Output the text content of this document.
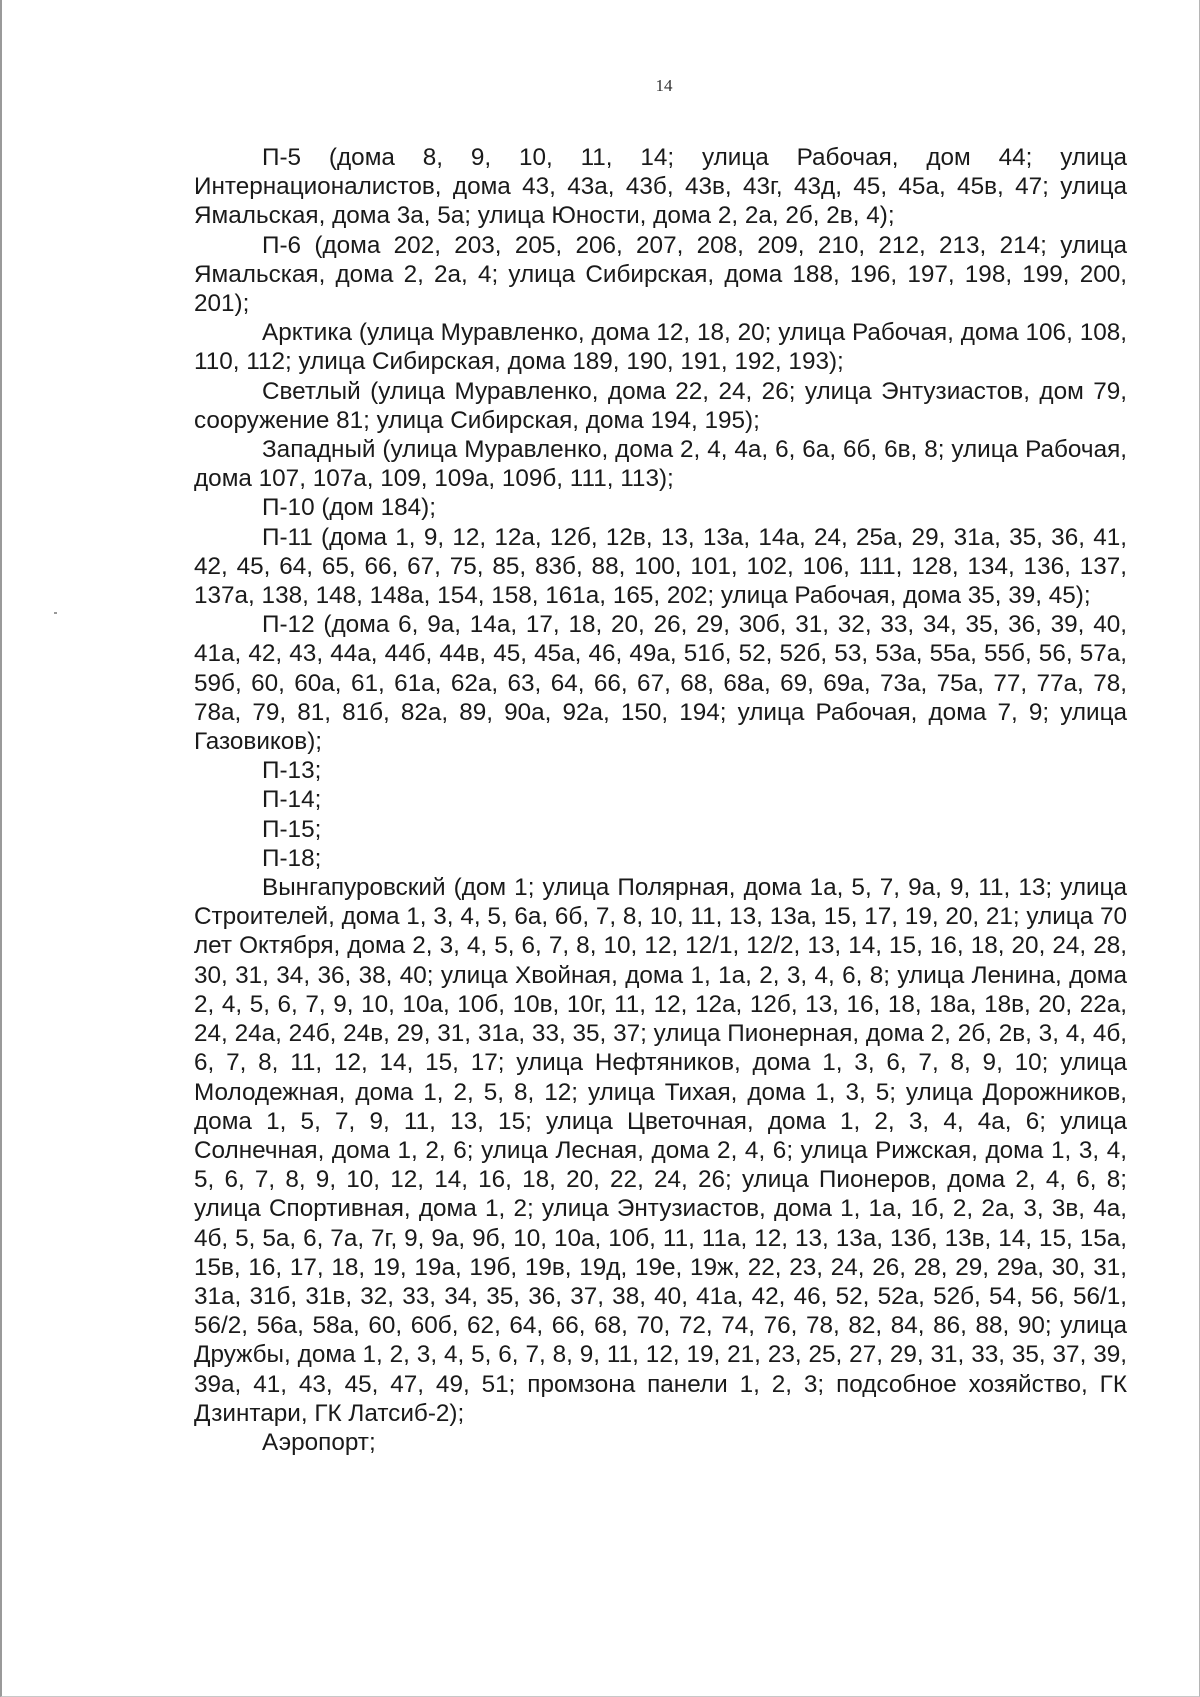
14

П-5 (дома 8, 9, 10, 11, 14; улица Рабочая, дом 44; улица Интернационалистов, дома 43, 43а, 43б, 43в, 43г, 43д, 45, 45а, 45в, 47; улица Ямальская, дома 3а, 5а; улица Юности, дома 2, 2а, 2б, 2в, 4);

П-6 (дома 202, 203, 205, 206, 207, 208, 209, 210, 212, 213, 214; улица Ямальская, дома 2, 2а, 4; улица Сибирская, дома 188, 196, 197, 198, 199, 200, 201);

Арктика (улица Муравленко, дома 12, 18, 20; улица Рабочая, дома 106, 108, 110, 112; улица Сибирская, дома 189, 190, 191, 192, 193);

Светлый (улица Муравленко, дома 22, 24, 26; улица Энтузиастов, дом 79, сооружение 81; улица Сибирская, дома 194, 195);

Западный (улица Муравленко, дома 2, 4, 4а, 6, 6а, 6б, 6в, 8; улица Рабочая, дома 107, 107а, 109, 109а, 109б, 111, 113);

П-10 (дом 184);

П-11 (дома 1, 9, 12, 12а, 12б, 12в, 13, 13а, 14а, 24, 25а, 29, 31а, 35, 36, 41, 42, 45, 64, 65, 66, 67, 75, 85, 83б, 88, 100, 101, 102, 106, 111, 128, 134, 136, 137, 137а, 138, 148, 148а, 154, 158, 161а, 165, 202; улица Рабочая, дома 35, 39, 45);

П-12 (дома 6, 9а, 14а, 17, 18, 20, 26, 29, 30б, 31, 32, 33, 34, 35, 36, 39, 40, 41а, 42, 43, 44а, 44б, 44в, 45, 45а, 46, 49а, 51б, 52, 52б, 53, 53а, 55а, 55б, 56, 57а, 59б, 60, 60а, 61, 61а, 62а, 63, 64, 66, 67, 68, 68а, 69, 69а, 73а, 75а, 77, 77а, 78, 78а, 79, 81, 81б, 82а, 89, 90а, 92а, 150, 194; улица Рабочая, дома 7, 9; улица Газовиков);

П-13;

П-14;

П-15;

П-18;

Вынгапуровский (дом 1; улица Полярная, дома 1а, 5, 7, 9а, 9, 11, 13; улица Строителей, дома 1, 3, 4, 5, 6а, 6б, 7, 8, 10, 11, 13, 13а, 15, 17, 19, 20, 21; улица 70 лет Октября, дома 2, 3, 4, 5, 6, 7, 8, 10, 12, 12/1, 12/2, 13, 14, 15, 16, 18, 20, 24, 28, 30, 31, 34, 36, 38, 40; улица Хвойная, дома 1, 1а, 2, 3, 4, 6, 8; улица Ленина, дома 2, 4, 5, 6, 7, 9, 10, 10а, 10б, 10в, 10г, 11, 12, 12а, 12б, 13, 16, 18, 18а, 18в, 20, 22а, 24, 24а, 24б, 24в, 29, 31, 31а, 33, 35, 37; улица Пионерная, дома 2, 2б, 2в, 3, 4, 4б, 6, 7, 8, 11, 12, 14, 15, 17; улица Нефтяников, дома 1, 3, 6, 7, 8, 9, 10; улица Молодежная, дома 1, 2, 5, 8, 12; улица Тихая, дома 1, 3, 5; улица Дорожников, дома 1, 5, 7, 9, 11, 13, 15; улица Цветочная, дома 1, 2, 3, 4, 4а, 6; улица Солнечная, дома 1, 2, 6; улица Лесная, дома 2, 4, 6; улица Рижская, дома 1, 3, 4, 5, 6, 7, 8, 9, 10, 12, 14, 16, 18, 20, 22, 24, 26; улица Пионеров, дома 2, 4, 6, 8; улица Спортивная, дома 1, 2; улица Энтузиастов, дома 1, 1а, 1б, 2, 2а, 3, 3в, 4а, 4б, 5, 5а, 6, 7а, 7г, 9, 9а, 9б, 10, 10а, 10б, 11, 11а, 12, 13, 13а, 13б, 13в, 14, 15, 15а, 15в, 16, 17, 18, 19, 19а, 19б, 19в, 19д, 19е, 19ж, 22, 23, 24, 26, 28, 29, 29а, 30, 31, 31а, 31б, 31в, 32, 33, 34, 35, 36, 37, 38, 40, 41а, 42, 46, 52, 52а, 52б, 54, 56, 56/1, 56/2, 56а, 58а, 60, 60б, 62, 64, 66, 68, 70, 72, 74, 76, 78, 82, 84, 86, 88, 90; улица Дружбы, дома 1, 2, 3, 4, 5, 6, 7, 8, 9, 11, 12, 19, 21, 23, 25, 27, 29, 31, 33, 35, 37, 39, 39а, 41, 43, 45, 47, 49, 51; промзона панели 1, 2, 3; подсобное хозяйство, ГК Дзинтари, ГК Латсиб-2);

Аэропорт;
